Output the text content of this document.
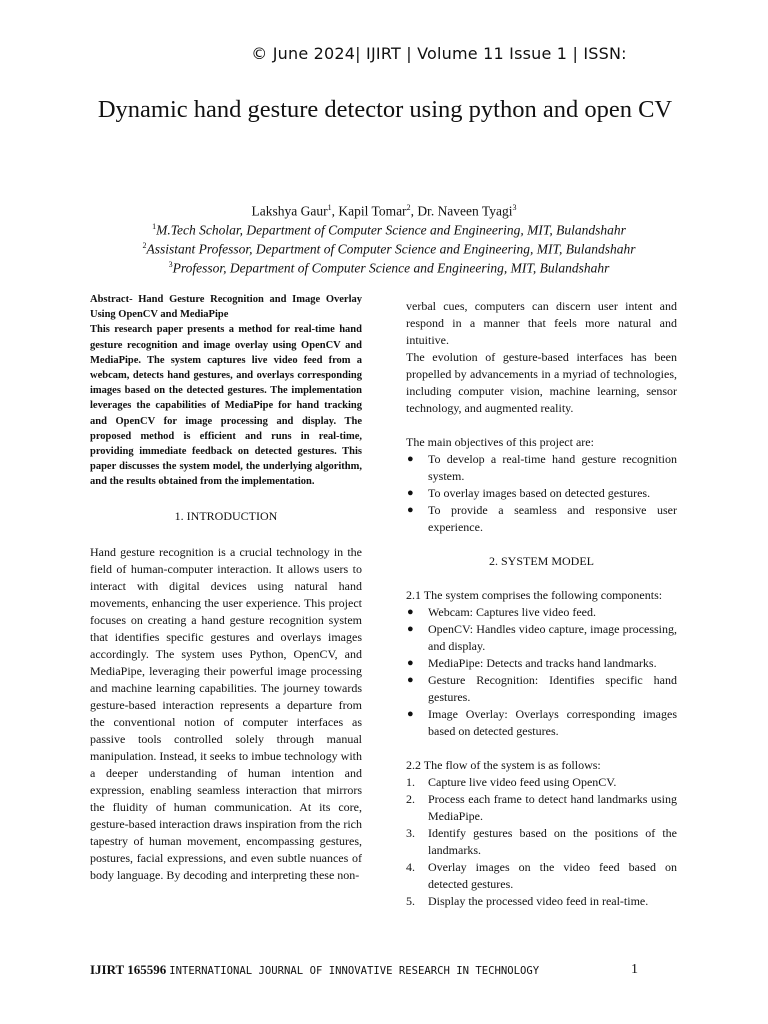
© June 2024| IJIRT | Volume 11 Issue 1 | ISSN:
Dynamic hand gesture detector using python and open CV
Lakshya Gaur$^1$, Kapil Tomar$^2$, Dr. Naveen Tyagi$^3$
$^1$M.Tech Scholar, Department of Computer Science and Engineering, MIT, Bulandshahr
$^2$Assistant Professor, Department of Computer Science and Engineering, MIT, Bulandshahr
$^3$Professor, Department of Computer Science and Engineering, MIT, Bulandshahr

Abstract- Hand Gesture Recognition and Image Overlay Using OpenCV and MediaPipe

This research paper presents a method for real-time hand gesture recognition and image overlay using OpenCV and MediaPipe. The system captures live video feed from a webcam, detects hand gestures, and overlays corresponding images based on the detected gestures. The implementation leverages the capabilities of MediaPipe for hand tracking and OpenCV for image processing and display. The proposed method is efficient and runs in real-time, providing immediate feedback on detected gestures. This paper discusses the system model, the underlying algorithm, and the results obtained from the implementation.

1. INTRODUCTION

Hand gesture recognition is a crucial technology in the field of human-computer interaction. It allows users to interact with digital devices using natural hand movements, enhancing the user experience. This project focuses on creating a hand gesture recognition system that identifies specific gestures and overlays images accordingly. The system uses Python, OpenCV, and MediaPipe, leveraging their powerful image processing and machine learning capabilities. The journey towards gesture-based interaction represents a departure from the conventional notion of computer interfaces as passive tools controlled solely through manual manipulation. Instead, it seeks to imbue technology with a deeper understanding of human intention and expression, enabling seamless interaction that mirrors the fluidity of human communication. At its core, gesture-based interaction draws inspiration from the rich tapestry of human movement, encompassing gestures, postures, facial expressions, and even subtle nuances of body language. By decoding and interpreting these non-

verbal cues, computers can discern user intent and respond in a manner that feels more natural and intuitive.

The evolution of gesture-based interfaces has been propelled by advancements in a myriad of technologies, including computer vision, machine learning, sensor technology, and augmented reality.

The main objectives of this project are:

● To develop a real-time hand gesture recognition system.
● To overlay images based on detected gestures.
● To provide a seamless and responsive user experience.

2. SYSTEM MODEL

2.1 The system comprises the following components:

● Webcam: Captures live video feed.
● OpenCV: Handles video capture, image processing, and display.
● MediaPipe: Detects and tracks hand landmarks.
● Gesture Recognition: Identifies specific hand gestures.
● Image Overlay: Overlays corresponding images based on detected gestures.

2.2 The flow of the system is as follows:

1. Capture live video feed using OpenCV.
2. Process each frame to detect hand landmarks using MediaPipe.
3. Identify gestures based on the positions of the landmarks.
4. Overlay images on the video feed based on detected gestures.
5. Display the processed video feed in real-time.
IJIRT 165596 INTERNATIONAL JOURNAL OF INNOVATIVE RESEARCH IN TECHNOLOGY	1
